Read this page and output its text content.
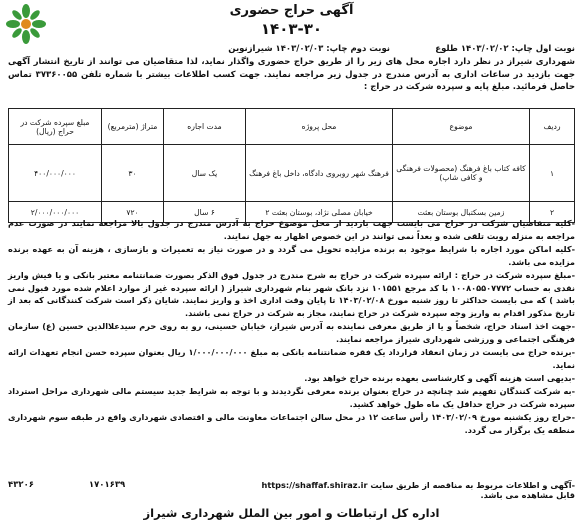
آگهی حراج حضوری
۱۴۰۳-۳۰
نوبت اول چاپ: ۱۴۰۳/۰۲/۰۲ طلوع
نوبت دوم چاپ: ۱۴۰۳/۰۲/۰۳ شیرازنوین
شهرداری شیراز در نظر دارد اجاره محل های زیر را از طریق حراج حضوری واگذار نماید، لذا متقاضیان می توانند از تاریخ انتشار آگهی جهت بازدید در ساعات اداری به آدرس مندرج در جدول زیر مراجعه نمایند. جهت کسب اطلاعات بیشتر با شماره تلفن ۳۷۳۶۰۰۵۵ تماس حاصل فرمائید. مبلغ پایه و سپرده شرکت در حراج :
ردیف	موضوع	محل پروژه	مدت اجاره	متراژ (مترمربع)	مبلغ سپرده شرکت در حراج (ریال)
۱	کافه کتاب باغ فرهنگ (محصولات فرهنگی و کافی شاپ)	فرهنگ شهر روبروی دادگاه، داخل باغ فرهنگ	یک سال	۳۰	۴۰۰/۰۰۰/۰۰۰
۲	زمین بسکتبال بوستان بعثت	خیابان مصلی نژاد، بوستان بعثت ۲	۶ سال	۷۲۰	۲/۰۰۰/۰۰۰/۰۰۰

-کلیه متقاضیان شرکت در حراج می بایست جهت بازدید از محل موضوع حراج به آدرس مندرج در جدول بالا مراجعه نمایند در صورت عدم مراجعه به منزله رویت تلقی شده و بعداً نمی توانند در این خصوص اظهار به جهل نمایند.

-کلیه اماکن مورد اجاره با شرایط موجود به برنده مزایده تحویل می گردد و در صورت نیاز به تعمیرات و بازسازی ، هزینه آن به عهده برنده مزایده می باشد.

-مبلغ سپرده شرکت در حراج : ارائه سپرده شرکت در حراج به شرح مندرج در جدول فوق الذکر بصورت ضمانتنامه معتبر بانکی و یا فیش واریز نقدی به حساب ۱۰۰۸۰۵۵۰۷۷۷۲ با کد مرجع ۱۰۱۵۵۱ نزد بانک شهر بنام شهرداری شیراز ( ارائه سپرده غیر از موارد اعلام شده مورد قبول نمی باشد ) که می بایست حداکثر تا روز شنبه مورخ ۱۴۰۳/۰۲/۰۸ تا پایان وقت اداری اخذ و واریز نمایند. شایان ذکر است شرکت کنندگانی که بعد از تاریخ مذکور اقدام به واریز وجه سپرده شرکت در حراج نمایند، مجاز به شرکت در حراج نمی باشند.

-جهت اخذ اسناد حراج، شخصاً و یا از طریق معرفی نماینده به آدرس شیراز، خیابان حسینی، رو به روی حرم سیدعلاالدین حسین (ع) سازمان فرهنگی اجتماعی و ورزشی شهرداری شیراز مراجعه نمایند.

-برنده حراج می بایست در زمان انعقاد قرارداد یک فقره ضمانتنامه بانکی به مبلغ ۱/۰۰۰/۰۰۰/۰۰۰ ریال بعنوان سپرده حسن انجام تعهدات ارائه نماید.

-بدیهی است هزینه آگهی و کارشناسی بعهده برنده حراج خواهد بود.

-به شرکت کنندگان تفهیم شد چنانچه در حراج بعنوان برنده معرفی نگردیدند و با توجه به شرایط جدید سیستم مالی شهرداری مراحل استرداد سپرده شرکت در حراج حداقل یک ماه طول خواهد کشید.

-حراج روز یکشنبه مورخ ۱۴۰۳/۰۲/۰۹ رأس ساعت ۱۲ در محل سالن اجتماعات معاونت مالی و اقتصادی شهرداری واقع در طبقه سوم شهرداری منطقه یک برگزار می گردد.

-آگهی و اطلاعات مربوط به مناقصه از طریق سایت https://shaffaf.shiraz.ir قابل مشاهده می باشد.
۴۳۲۰۶	۱۷۰۱۶۳۹
اداره کل ارتباطات و امور بین الملل شهرداری شیراز
